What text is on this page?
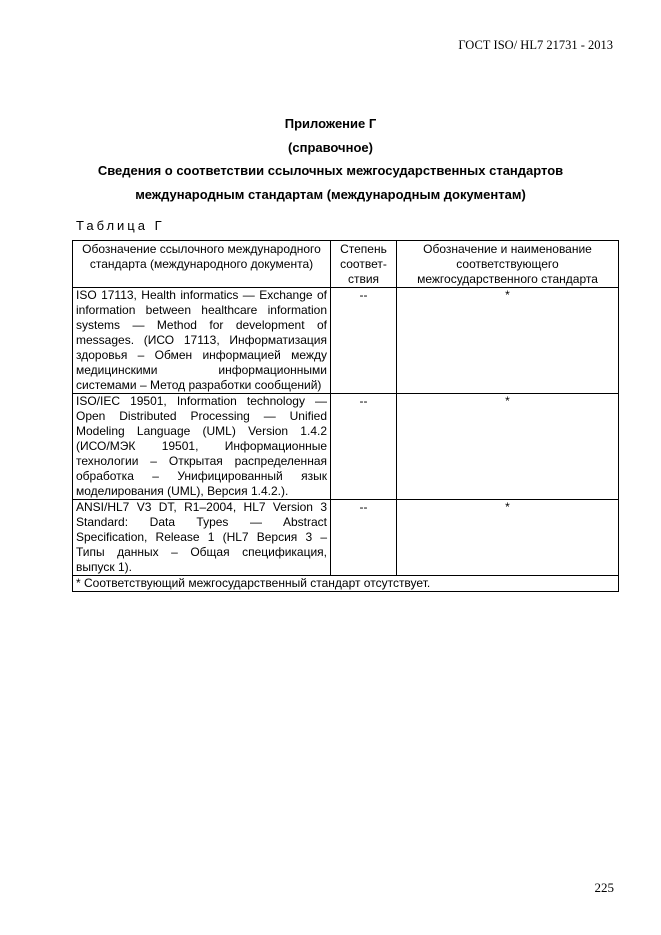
ГОСТ ISO/ HL7 21731 - 2013
Приложение Г
(справочное)
Сведения о соответствии ссылочных межгосударственных стандартов
международным стандартам (международным документам)
Таблица Г
Обозначение ссылочного международного стандарта (международного документа)	Степень соответ- ствия	Обозначение и наименование соответствующего межгосударственного стандарта
ISO 17113, Health informatics — Exchange of information between healthcare information systems — Method for development of messages. (ИСО 17113, Информатизация здоровья – Обмен информацией между медицинскими информационными системами – Метод разработки сообщений)	--	*
ISO/IEC 19501, Information technology — Open Distributed Processing — Unified Modeling Language (UML) Version 1.4.2 (ИСО/МЭК 19501, Информационные технологии – Открытая распределенная обработка – Унифицированный язык моделирования (UML), Версия 1.4.2.).	--	*
ANSI/HL7 V3 DT, R1–2004, HL7 Version 3 Standard: Data Types — Abstract Specification, Release 1 (HL7 Версия 3 – Типы данных – Общая спецификация, выпуск 1).	--	*
* Соответствующий межгосударственный стандарт отсутствует.		
225
